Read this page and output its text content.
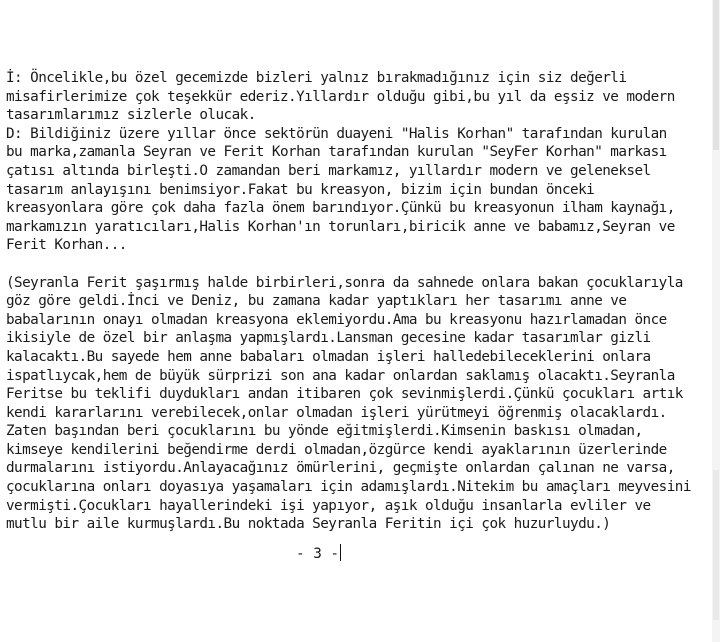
İ: Öncelikle,bu özel gecemizde bizleri yalnız bırakmadığınız için siz değerli
misafirlerimize çok teşekkür ederiz.Yıllardır olduğu gibi,bu yıl da eşsiz ve modern
tasarımlarımız sizlerle olucak.
D: Bildiğiniz üzere yıllar önce sektörün duayeni "Halis Korhan" tarafından kurulan
bu marka,zamanla Seyran ve Ferit Korhan tarafından kurulan "SeyFer Korhan" markası
çatısı altında birleşti.O zamandan beri markamız, yıllardır modern ve geleneksel
tasarım anlayışını benimsiyor.Fakat bu kreasyon, bizim için bundan önceki
kreasyonlara göre çok daha fazla önem barındıyor.Çünkü bu kreasyonun ilham kaynağı,
markamızın yaratıcıları,Halis Korhan'ın torunları,biricik anne ve babamız,Seyran ve
Ferit Korhan...
(Seyranla Ferit şaşırmış halde birbirleri,sonra da sahnede onlara bakan çocuklarıyla
göz göre geldi.İnci ve Deniz, bu zamana kadar yaptıkları her tasarımı anne ve
babalarının onayı olmadan kreasyona eklemiyordu.Ama bu kreasyonu hazırlamadan önce
ikisiyle de özel bir anlaşma yapmışlardı.Lansman gecesine kadar tasarımlar gizli
kalacaktı.Bu sayede hem anne babaları olmadan işleri halledebileceklerini onlara
ispatlıycak,hem de büyük sürprizi son ana kadar onlardan saklamış olacaktı.Seyranla
Feritse bu teklifi duydukları andan itibaren çok sevinmişlerdi.Çünkü çocukları artık
kendi kararlarını verebilecek,onlar olmadan işleri yürütmeyi öğrenmiş olacaklardı.
Zaten başından beri çocuklarını bu yönde eğitmişlerdi.Kimsenin baskısı olmadan,
kimseye kendilerini beğendirme derdi olmadan,özgürce kendi ayaklarının üzerlerinde
durmalarını istiyordu.Anlayacağınız ömürlerini, geçmişte onlardan çalınan ne varsa,
çocuklarına onları doyasıya yaşamaları için adamışlardı.Nitekim bu amaçları meyvesini
vermişti.Çocukları hayallerindeki işi yapıyor, aşık olduğu insanlarla evliler ve
mutlu bir aile kurmuşlardı.Bu noktada Seyranla Feritin içi çok huzurluydu.)
- 3 -
